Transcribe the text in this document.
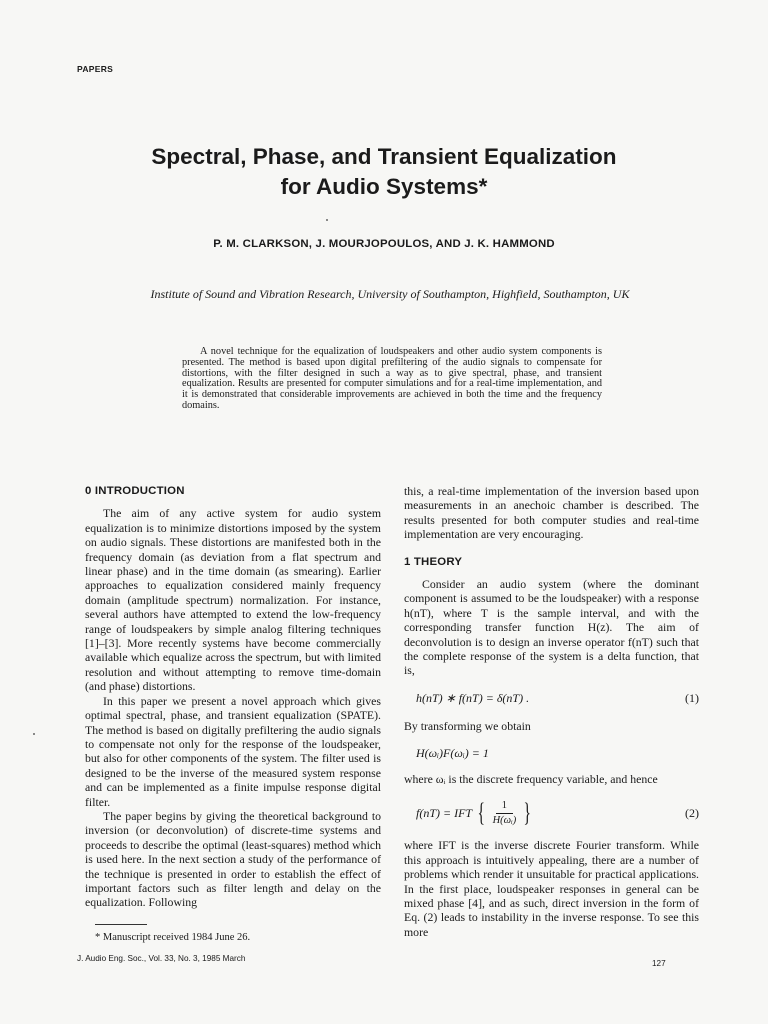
PAPERS
Spectral, Phase, and Transient Equalization
for Audio Systems*
P. M. CLARKSON, J. MOURJOPOULOS, AND J. K. HAMMOND
Institute of Sound and Vibration Research, University of Southampton, Highfield, Southampton, UK

A novel technique for the equalization of loudspeakers and other audio system components is presented. The method is based upon digital prefiltering of the audio signals to compensate for distortions, with the filter designed in such a way as to give spectral, phase, and transient equalization. Results are presented for computer simulations and for a real-time implementation, and it is demonstrated that considerable improvements are achieved in both the time and the frequency domains.

0 INTRODUCTION

The aim of any active system for audio system equalization is to minimize distortions imposed by the system on audio signals. These distortions are manifested both in the frequency domain (as deviation from a flat spectrum and linear phase) and in the time domain (as smearing). Earlier approaches to equalization considered mainly frequency domain (amplitude spectrum) normalization. For instance, several authors have attempted to extend the low-frequency range of loudspeakers by simple analog filtering techniques [1]–[3]. More recently systems have become commercially available which equalize across the spectrum, but with limited resolution and without attempting to remove time-domain (and phase) distortions.

In this paper we present a novel approach which gives optimal spectral, phase, and transient equalization (SPATE). The method is based on digitally prefiltering the audio signals to compensate not only for the response of the loudspeaker, but also for other components of the system. The filter used is designed to be the inverse of the measured system response and can be implemented as a finite impulse response digital filter.

The paper begins by giving the theoretical background to inversion (or deconvolution) of discrete-time systems and proceeds to describe the optimal (least-squares) method which is used here. In the next section a study of the performance of the technique is presented in order to establish the effect of important factors such as filter length and delay on the equalization. Following

this, a real-time implementation of the inversion based upon measurements in an anechoic chamber is described. The results presented for both computer studies and real-time implementation are very encouraging.

1 THEORY

Consider an audio system (where the dominant component is assumed to be the loudspeaker) with a response h(nT), where T is the sample interval, and with the corresponding transfer function H(z). The aim of deconvolution is to design an inverse operator f(nT) such that the complete response of the system is a delta function, that is,

h(nT) ∗ f(nT) = δ(nT) .	(1)

By transforming we obtain

H(ωᵢ)F(ωᵢ) = 1

where ωᵢ is the discrete frequency variable, and hence

f(nT) = IFT { $\frac{1}{\text{H(ωᵢ)}}$ }	(2)

where IFT is the inverse discrete Fourier transform. While this approach is intuitively appealing, there are a number of problems which render it unsuitable for practical applications. In the first place, loudspeaker responses in general can be mixed phase [4], and as such, direct inversion in the form of Eq. (2) leads to instability in the inverse response. To see this more

* Manuscript received 1984 June 26.
J. Audio Eng. Soc., Vol. 33, No. 3, 1985 March
127
